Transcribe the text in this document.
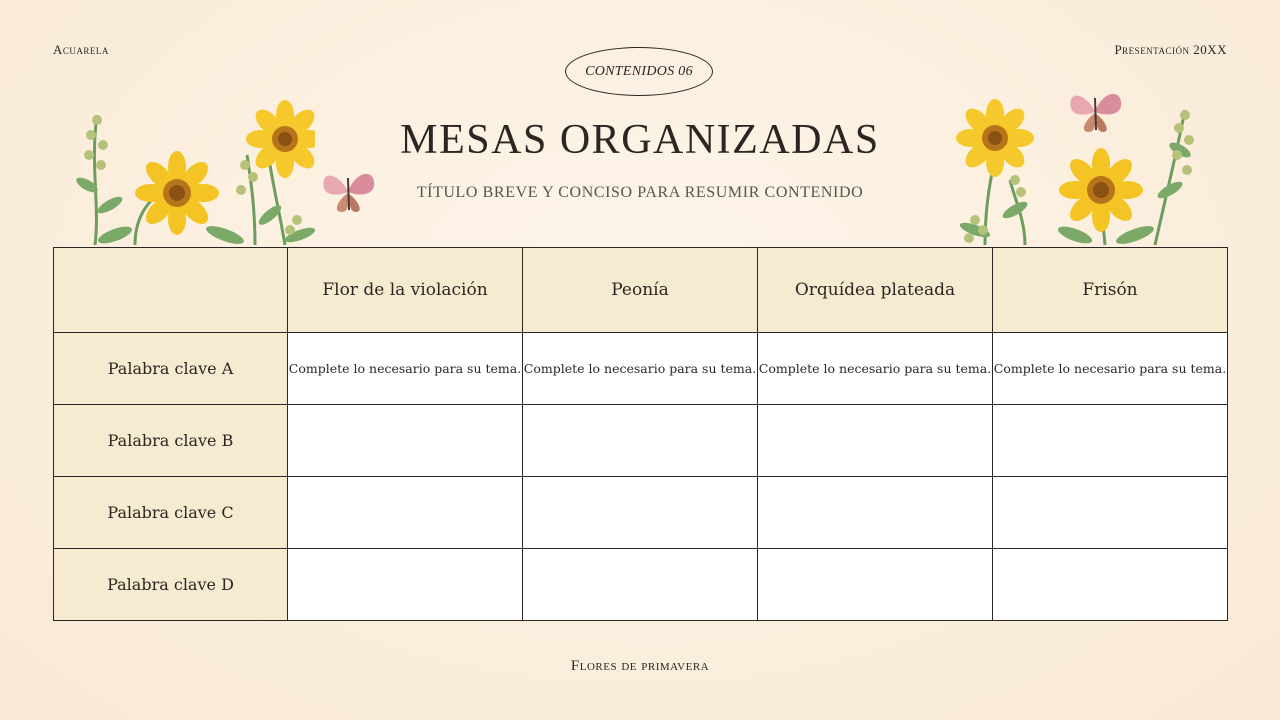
Acuarela	Presentación 20XX
CONTENIDOS 06
MESAS ORGANIZADAS
TÍTULO BREVE Y CONCISO PARA RESUMIR CONTENIDO
	Flor de la violación	Peonía	Orquídea plateada	Frisón
Palabra clave A	Complete lo necesario para su tema.	Complete lo necesario para su tema.	Complete lo necesario para su tema.	Complete lo necesario para su tema.
Palabra clave B				
Palabra clave C				
Palabra clave D				
Flores de primavera
